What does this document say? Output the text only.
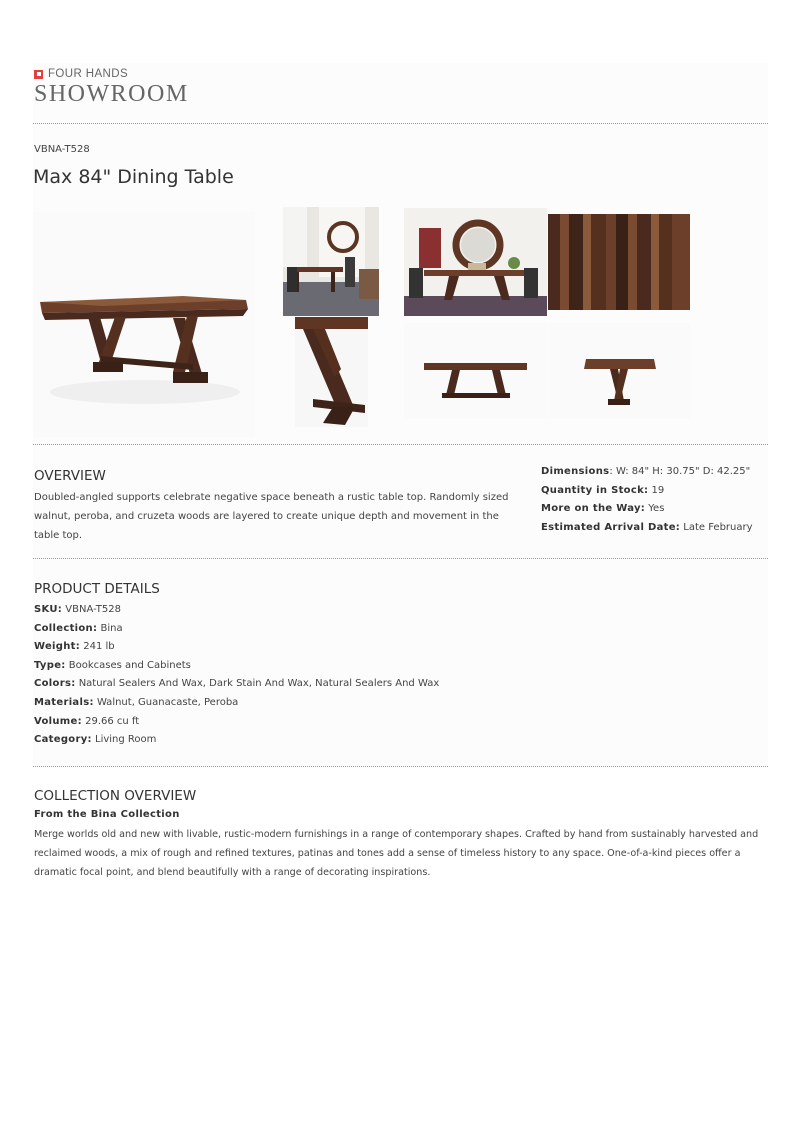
FOUR HANDS
SHOWROOM
VBNA-T528
Max 84" Dining Table
OVERVIEW

Doubled-angled supports celebrate negative space beneath a rustic table top. Randomly sized walnut, peroba, and cruzeta woods are layered to create unique depth and movement in the table top.

Dimensions: W: 84" H: 30.75" D: 42.25"
Quantity in Stock: 19
More on the Way: Yes
Estimated Arrival Date: Late February
PRODUCT DETAILS
SKU: VBNA-T528
Collection: Bina
Weight: 241 lb
Type: Bookcases and Cabinets
Colors: Natural Sealers And Wax, Dark Stain And Wax, Natural Sealers And Wax
Materials: Walnut, Guanacaste, Peroba
Volume: 29.66 cu ft
Category: Living Room
COLLECTION OVERVIEW
From the Bina Collection

Merge worlds old and new with livable, rustic-modern furnishings in a range of contemporary shapes. Crafted by hand from sustainably harvested and reclaimed woods, a mix of rough and refined textures, patinas and tones add a sense of timeless history to any space. One-of-a-kind pieces offer a dramatic focal point, and blend beautifully with a range of decorating inspirations.
